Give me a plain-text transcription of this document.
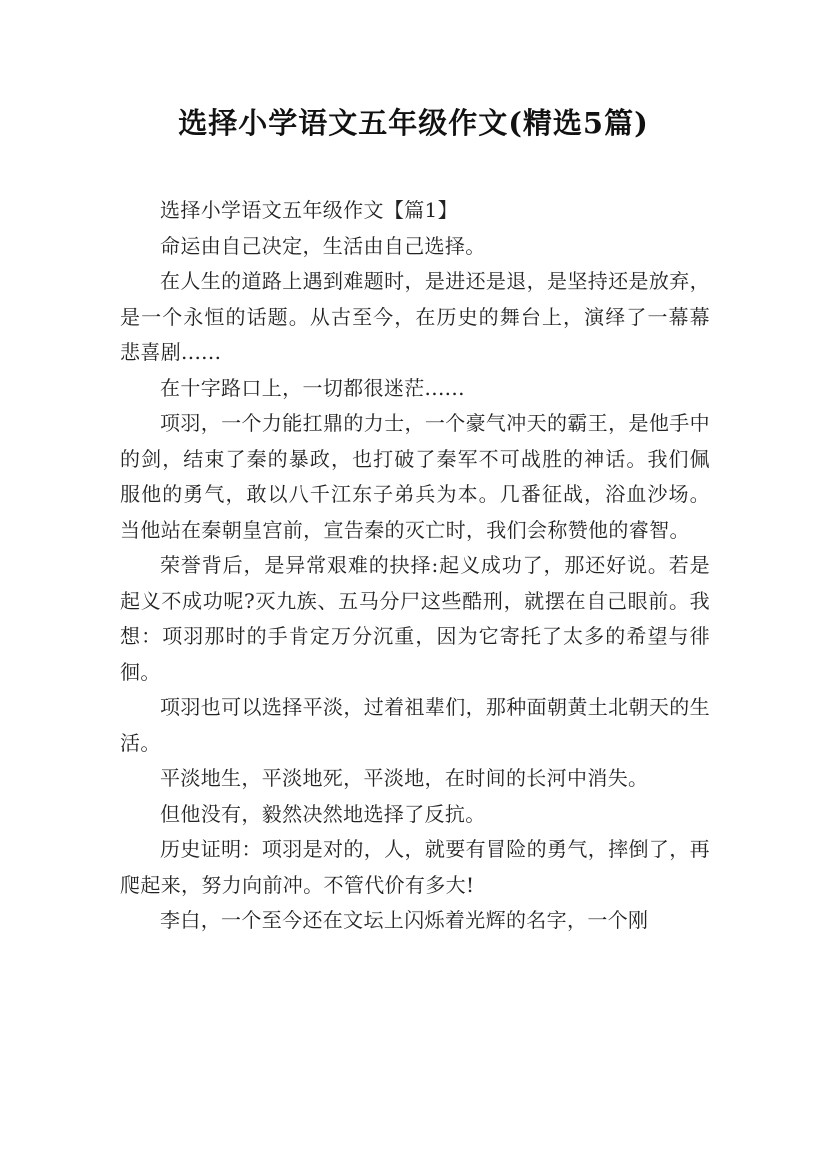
选择小学语文五年级作文(精选5篇)

选择小学语文五年级作文【篇1】

命运由自己决定，生活由自己选择。

在人生的道路上遇到难题时，是进还是退，是坚持还是放弃，是一个永恒的话题。从古至今，在历史的舞台上，演绎了一幕幕悲喜剧......

在十字路口上，一切都很迷茫......

项羽，一个力能扛鼎的力士，一个豪气冲天的霸王，是他手中的剑，结束了秦的暴政，也打破了秦军不可战胜的神话。我们佩服他的勇气，敢以八千江东子弟兵为本。几番征战，浴血沙场。当他站在秦朝皇宫前，宣告秦的灭亡时，我们会称赞他的睿智。

荣誉背后，是异常艰难的抉择:起义成功了，那还好说。若是起义不成功呢?灭九族、五马分尸这些酷刑，就摆在自己眼前。我想：项羽那时的手肯定万分沉重，因为它寄托了太多的希望与徘徊。

项羽也可以选择平淡，过着祖辈们，那种面朝黄土北朝天的生活。

平淡地生，平淡地死，平淡地，在时间的长河中消失。

但他没有，毅然决然地选择了反抗。

历史证明：项羽是对的，人，就要有冒险的勇气，摔倒了，再爬起来，努力向前冲。不管代价有多大!

李白，一个至今还在文坛上闪烁着光辉的名字，一个刚
